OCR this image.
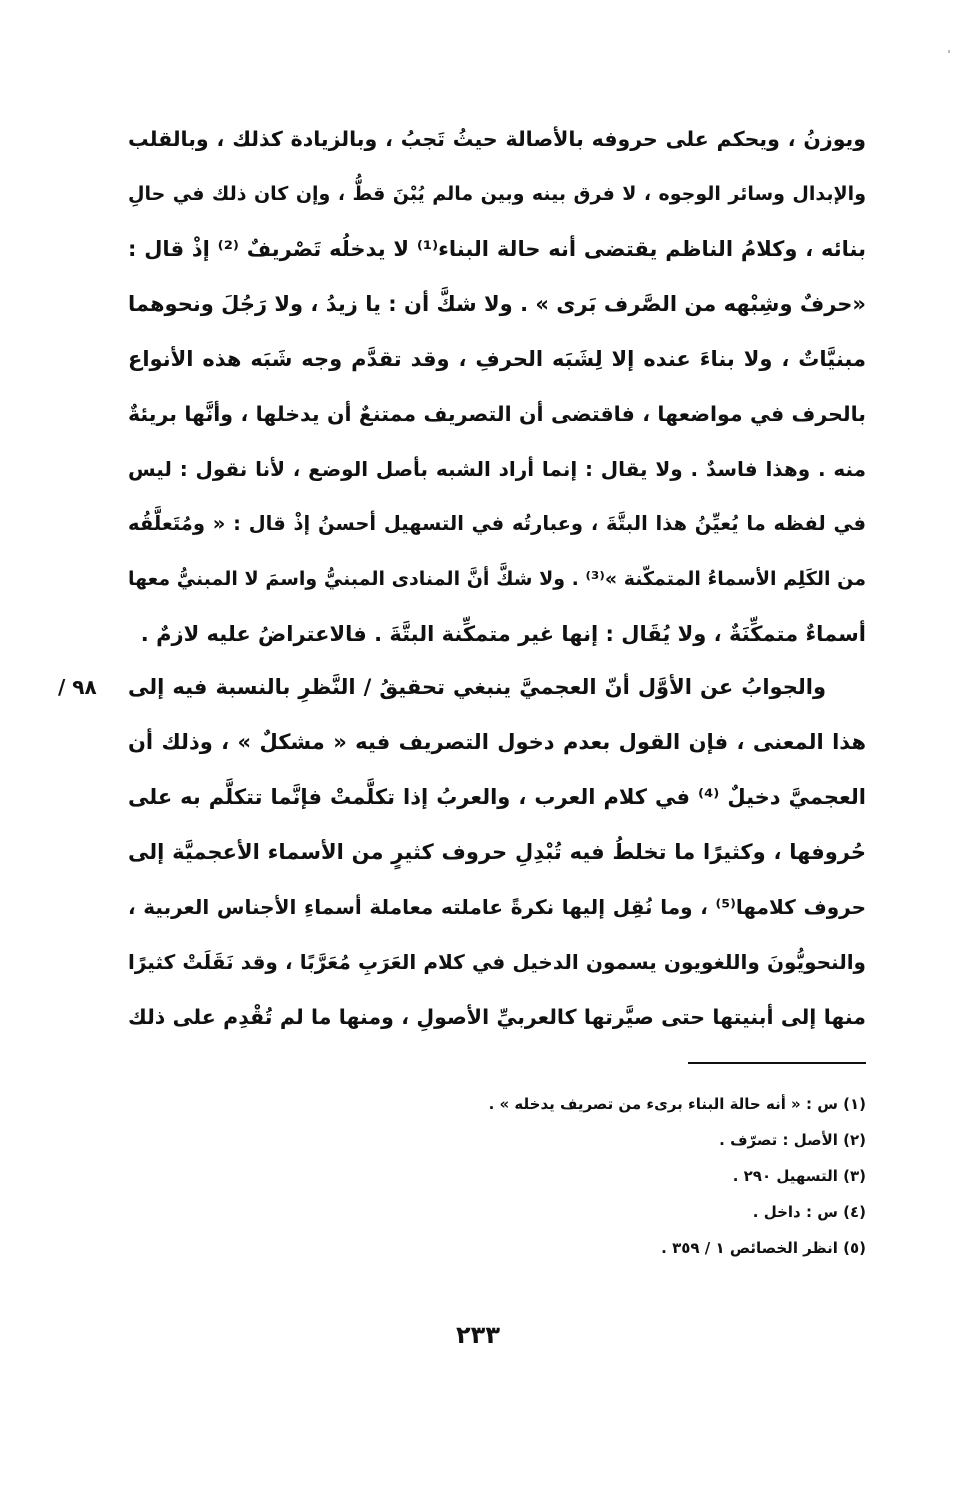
ويوزنُ ، ويحكم على حروفه بالأصالة حيثُ تَجبُ ، وبالزيادة كذلك ، وبالقلب
والإبدال وسائر الوجوه ، لا فرق بينه وبين مالم يُبْنَ قطُّ ، وإن كان ذلك في حالِ
بنائه ، وكلامُ الناظم يقتضى أنه حالة البناء⁽¹⁾ لا يدخلُه تَصْريفٌ ⁽²⁾ إذْ قال :
«حرفٌ وشِبْهه من الصَّرف بَرى » . ولا شكَّ أن : يا زيدُ ، ولا رَجُلَ ونحوهما
مبنيَّاتٌ ، ولا بناءَ عنده إلا لِشَبَه الحرفِ ، وقد تقدَّم وجه شَبَه هذه الأنواع
بالحرف في مواضعها ، فاقتضى أن التصريف ممتنعٌ أن يدخلها ، وأنَّها بريئةٌ
منه . وهذا فاسدٌ . ولا يقال : إنما أراد الشبه بأصل الوضع ، لأنا نقول : ليس
في لفظه ما يُعيِّنُ هذا البتَّةَ ، وعبارتُه في التسهيل أحسنُ إذْ قال : « ومُتَعلَّقُه
من الكَلِم الأسماءُ المتمكّنة »⁽³⁾ . ولا شكَّ أنَّ المنادى المبنيُّ واسمَ لا المبنيُّ معها
أسماءٌ متمكِّنَةٌ ، ولا يُقَال : إنها غير متمكِّنة البتَّةَ . فالاعتراضُ عليه لازمٌ .
والجوابُ عن الأوَّل أنّ العجميَّ ينبغي تحقيقُ / النَّظرِ بالنسبة فيه إلى
٩٨ /
هذا المعنى ، فإن القول بعدم دخول التصريف فيه « مشكلٌ » ، وذلك أن
العجميَّ دخيلٌ ⁽⁴⁾ في كلام العرب ، والعربُ إذا تكلَّمتْ فإنَّما تتكلَّم به على
حُروفها ، وكثيرًا ما تخلطُ فيه تُبْدِلِ حروف كثيرٍ من الأسماء الأعجميَّة إلى
حروف كلامها⁽⁵⁾ ، وما نُقِل إليها نكرةً عاملته معاملة أسماءِ الأجناس العربية ،
والنحويُّونَ واللغويون يسمون الدخيل في كلام العَرَبِ مُعَرَّبًا ، وقد نَقَلَتْ كثيرًا
منها إلى أبنيتها حتى صيَّرتها كالعربيِّ الأصولِ ، ومنها ما لم تُقْدِم على ذلك
(١) س : « أنه حالة البناء برىء من تصريف يدخله » .
(٢) الأصل : تصرّف .
(٣) التسهيل ٢٩٠ .
(٤) س : داخل .
(٥) انظر الخصائص ١ / ٣٥٩ .
٢٣٣
